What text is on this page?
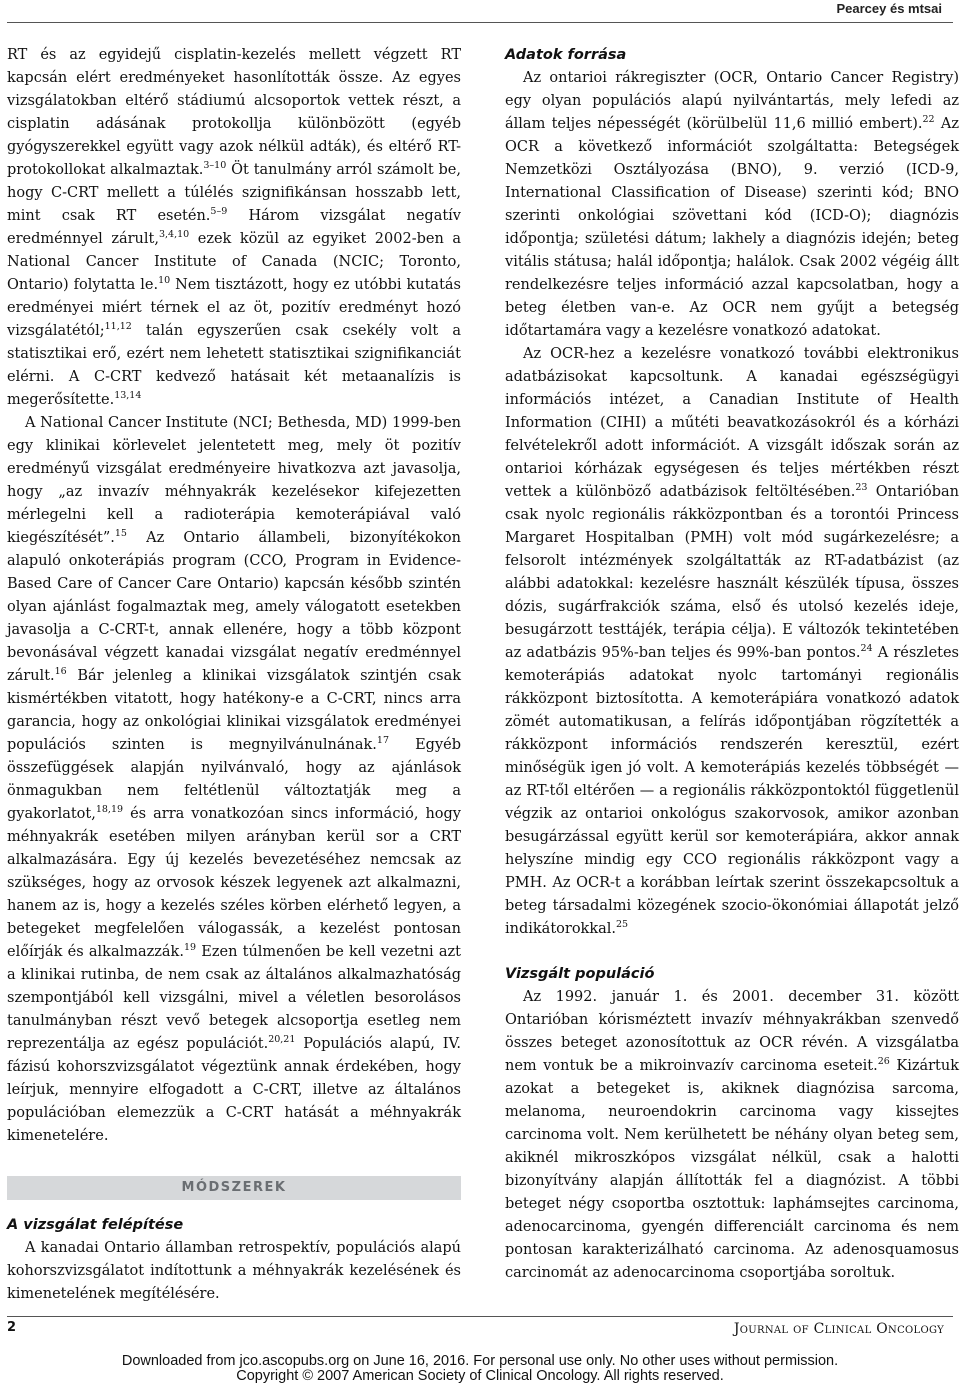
Pearcey és mtsai

RT és az egyidejű cisplatin-kezelés mellett végzett RT kapcsán elért eredményeket hasonlították össze. Az egyes vizsgálatokban eltérő stádiumú alcsoportok vettek részt, a cisplatin adásának protokollja különbözött (egyéb gyógyszerekkel együtt vagy azok nélkül adták), és eltérő RT-protokollokat alkalmaztak.$^{3-10}$ Öt tanulmány arról számolt be, hogy C-CRT mellett a túlélés szignifikánsan hosszabb lett, mint csak RT esetén.$^{5-9}$ Három vizsgálat negatív eredménnyel zárult,$^{3,4,10}$ ezek közül az egyiket 2002-ben a National Cancer Institute of Canada (NCIC; Toronto, Ontario) folytatta le.$^{10}$ Nem tisztázott, hogy ez utóbbi kutatás eredményei miért térnek el az öt, pozitív eredményt hozó vizsgálatétól;$^{11,12}$ talán egyszerűen csak csekély volt a statisztikai erő, ezért nem lehetett statisztikai szignifikanciát elérni. A C-CRT kedvező hatásait két metaanalízis is megerősítette.$^{13,14}$

A National Cancer Institute (NCI; Bethesda, MD) 1999-ben egy klinikai körlevelet jelentetett meg, mely öt pozitív eredményű vizsgálat eredményeire hivatkozva azt javasolja, hogy „az invazív méhnyakrák kezelésekor kifejezetten mérlegelni kell a radioterápia kemoterápiával való kiegészítését”.$^{15}$ Az Ontario állambeli, bizonyítékokon alapuló onkoterápiás program (CCO, Program in Evidence-Based Care of Cancer Care Ontario) kapcsán később szintén olyan ajánlást fogalmaztak meg, amely válogatott esetekben javasolja a C-CRT-t, annak ellenére, hogy a több központ bevonásával végzett kanadai vizsgálat negatív eredménnyel zárult.$^{16}$ Bár jelenleg a klinikai vizsgálatok szintjén csak kismértékben vitatott, hogy hatékony-e a C-CRT, nincs arra garancia, hogy az onkológiai klinikai vizsgálatok eredményei populációs szinten is megnyilvánulnának.$^{17}$ Egyéb összefüggések alapján nyilvánvaló, hogy az ajánlások önmagukban nem feltétlenül változtatják meg a gyakorlatot,$^{18,19}$ és arra vonatkozóan sincs információ, hogy méhnyakrák esetében milyen arányban kerül sor a CRT alkalmazására. Egy új kezelés bevezetéséhez nemcsak az szükséges, hogy az orvosok készek legyenek azt alkalmazni, hanem az is, hogy a kezelés széles körben elérhető legyen, a betegeket megfelelően válogassák, a kezelést pontosan előírják és alkalmazzák.$^{19}$ Ezen túlmenően be kell vezetni azt a klinikai rutinba, de nem csak az általános alkalmazhatóság szempontjából kell vizsgálni, mivel a véletlen besorolásos tanulmányban részt vevő betegek alcsoportja esetleg nem reprezentálja az egész populációt.$^{20,21}$ Populációs alapú, IV. fázisú kohorszvizsgálatot végeztünk annak érdekében, hogy leírjuk, mennyire elfogadott a C-CRT, illetve az általános populációban elemezzük a C-CRT hatását a méhnyakrák kimenetelére.

MÓDSZEREK
A vizsgálat felépítése

A kanadai Ontario államban retrospektív, populációs alapú kohorszvizsgálatot indítottunk a méhnyakrák kezelésének és kimenetelének megítélésére.

Adatok forrása

Az ontarioi rákregiszter (OCR, Ontario Cancer Registry) egy olyan populációs alapú nyilvántartás, mely lefedi az állam teljes népességét (körülbelül 11,6 millió embert).$^{22}$ Az OCR a következő információt szolgáltatta: Betegségek Nemzetközi Osztályozása (BNO), 9. verzió (ICD-9, International Classification of Disease) szerinti kód; BNO szerinti onkológiai szövettani kód (ICD-O); diagnózis időpontja; születési dátum; lakhely a diagnózis idején; beteg vitális státusa; halál időpontja; halálok. Csak 2002 végéig állt rendelkezésre teljes információ azzal kapcsolatban, hogy a beteg életben van-e. Az OCR nem gyűjt a betegség időtartamára vagy a kezelésre vonatkozó adatokat.

Az OCR-hez a kezelésre vonatkozó további elektronikus adatbázisokat kapcsoltunk. A kanadai egészségügyi információs intézet, a Canadian Institute of Health Information (CIHI) a műtéti beavatkozásokról és a kórházi felvételekről adott információt. A vizsgált időszak során az ontarioi kórházak egységesen és teljes mértékben részt vettek a különböző adatbázisok feltöltésében.$^{23}$ Ontarióban csak nyolc regionális rákközpontban és a torontói Princess Margaret Hospitalban (PMH) volt mód sugárkezelésre; a felsorolt intézmények szolgáltatták az RT-adatbázist (az alábbi adatokkal: kezelésre használt készülék típusa, összes dózis, sugárfrakciók száma, első és utolsó kezelés ideje, besugárzott testtájék, terápia célja). E változók tekintetében az adatbázis 95%-ban teljes és 99%-ban pontos.$^{24}$ A részletes kemoterápiás adatokat nyolc tartományi regionális rákközpont biztosította. A kemoterápiára vonatkozó adatok zömét automatikusan, a felírás időpontjában rögzítették a rákközpont információs rendszerén keresztül, ezért minőségük igen jó volt. A kemoterápiás kezelés többségét — az RT-től eltérően — a regionális rákközpontoktól függetlenül végzik az ontarioi onkológus szakorvosok, amikor azonban besugárzással együtt kerül sor kemoterápiára, akkor annak helyszíne mindig egy CCO regionális rákközpont vagy a PMH. Az OCR-t a korábban leírtak szerint összekapcsoltuk a beteg társadalmi közegének szocio-ökonómiai állapotát jelző indikátorokkal.$^{25}$

Vizsgált populáció

Az 1992. január 1. és 2001. december 31. között Ontarióban kórisméztett invazív méhnyakrákban szenvedő összes beteget azonosítottuk az OCR révén. A vizsgálatba nem vontuk be a mikroinvazív carcinoma eseteit.$^{26}$ Kizártuk azokat a betegeket is, akiknek diagnózisa sarcoma, melanoma, neuroendokrin carcinoma vagy kissejtes carcinoma volt. Nem kerülhetett be néhány olyan beteg sem, akiknél mikroszkópos vizsgálat nélkül, csak a halotti bizonyítvány alapján állították fel a diagnózist. A többi beteget négy csoportba osztottuk: laphámsejtes carcinoma, adenocarcinoma, gyengén differenciált carcinoma és nem pontosan karakterizálható carcinoma. Az adenosquamosus carcinomát az adenocarcinoma csoportjába soroltuk.

2	Journal of Clinical Oncology
Downloaded from jco.ascopubs.org on June 16, 2016. For personal use only. No other uses without permission.
Copyright © 2007 American Society of Clinical Oncology. All rights reserved.
